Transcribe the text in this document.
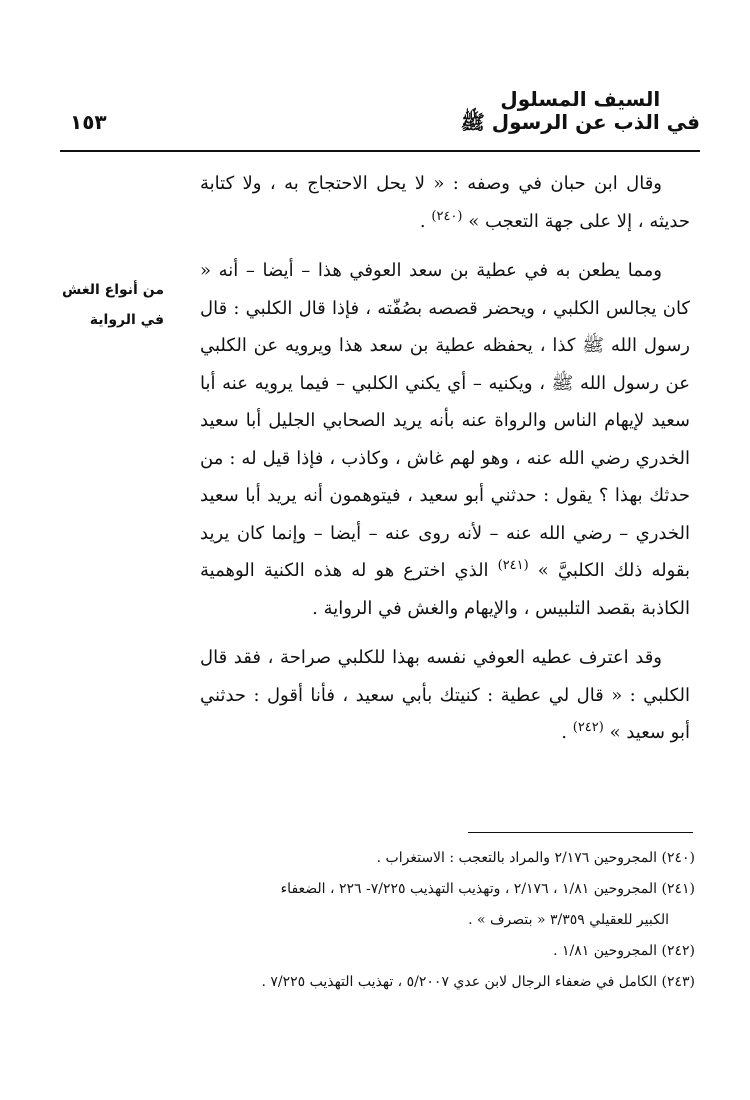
السيف المسلول
في الذب عن الرسول ﷺ
١٥٣
من أنواع الغش في الرواية

وقال ابن حبان في وصفه : « لا يحل الاحتجاج به ، ولا كتابة حديثه ، إلا على جهة التعجب » $^{(٢٤٠)}$ .

ومما يطعن به في عطية بن سعد العوفي هذا – أيضا – أنه « كان يجالس الكلبي ، ويحضر قصصه بصُفّته ، فإذا قال الكلبي : قال رسول الله ﷺ كذا ، يحفظه عطية بن سعد هذا ويرويه عن الكلبي عن رسول الله ﷺ ، ويكنيه – أي يكني الكلبي – فيما يرويه عنه أبا سعيد لإيهام الناس والرواة عنه بأنه يريد الصحابي الجليل أبا سعيد الخدري رضي الله عنه ، وهو لهم غاش ، وكاذب ، فإذا قيل له : من حدثك بهذا ؟ يقول : حدثني أبو سعيد ، فيتوهمون أنه يريد أبا سعيد الخدري – رضي الله عنه – لأنه روى عنه – أيضا – وإنما كان يريد بقوله ذلك الكلبيَّ » $^{(٢٤١)}$ الذي اخترع هو له هذه الكنية الوهمية الكاذبة بقصد التلبيس ، والإيهام والغش في الرواية .

وقد اعترف عطيه العوفي نفسه بهذا للكلبي صراحة ، فقد قال الكلبي : « قال لي عطية : كنيتك بأبي سعيد ، فأنا أقول : حدثني أبو سعيد » $^{(٢٤٢)}$ .

(٢٤٠) المجروحين ٢/١٧٦ والمراد بالتعجب : الاستغراب .

(٢٤١) المجروحين ١/٨١ ، ٢/١٧٦ ، وتهذيب التهذيب ٧/٢٢٥- ٢٢٦ ، الضعفاء
الكبير للعقيلي ٣/٣٥٩ « بتصرف » .

(٢٤٢) المجروحين ١/٨١ .

(٢٤٣) الكامل في ضعفاء الرجال لابن عدي ٥/٢٠٠٧ ، تهذيب التهذيب ٧/٢٢٥ .
